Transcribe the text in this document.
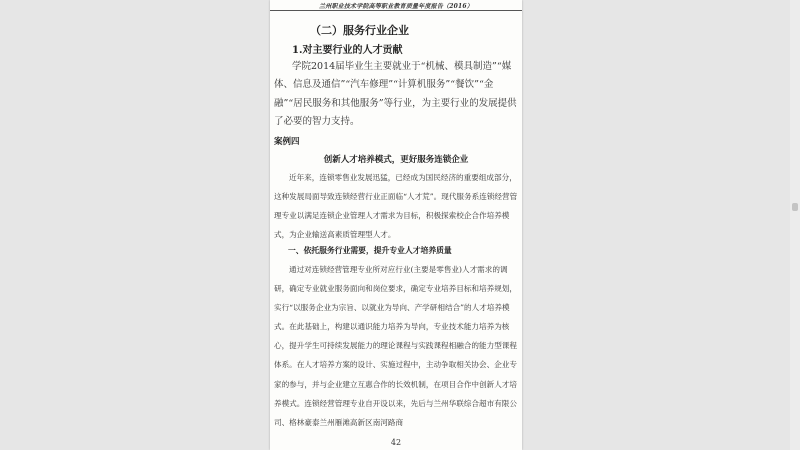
兰州职业技术学院高等职业教育质量年度报告（2016）
（二）服务行业企业
1.对主要行业的人才贡献
学院2014届毕业生主要就业于“机械、模具制造”“媒体、信息及通信”“汽车修理”“计算机服务”“餐饮”“金融”“居民服务和其他服务”等行业，为主要行业的发展提供了必要的智力支持。
案例四
创新人才培养模式，更好服务连锁企业
近年来，连锁零售业发展迅猛，已经成为国民经济的重要组成部分，这种发展局面导致连锁经营行业正面临“人才荒”。现代服务系连锁经营管理专业以满足连锁企业管理人才需求为目标，积极探索校企合作培养模式，为企业输送高素质管理型人才。
一、依托服务行业需要，提升专业人才培养质量
通过对连锁经营管理专业所对应行业(主要是零售业)人才需求的调研，确定专业就业服务面向和岗位要求，确定专业培养目标和培养规划，实行“以服务企业为宗旨、以就业为导向、产学研相结合”的人才培养模式。在此基础上，构建以通识能力培养为导向，专业技术能力培养为核心，提升学生可持续发展能力的理论课程与实践课程相融合的能力型课程体系。在人才培养方案的设计、实施过程中，主动争取相关协会、企业专家的参与，并与企业建立互惠合作的长效机制，在项目合作中创新人才培养模式。连锁经营管理专业自开设以来，先后与兰州华联综合超市有限公司、格林豪泰兰州雁滩高新区南河路商
42
